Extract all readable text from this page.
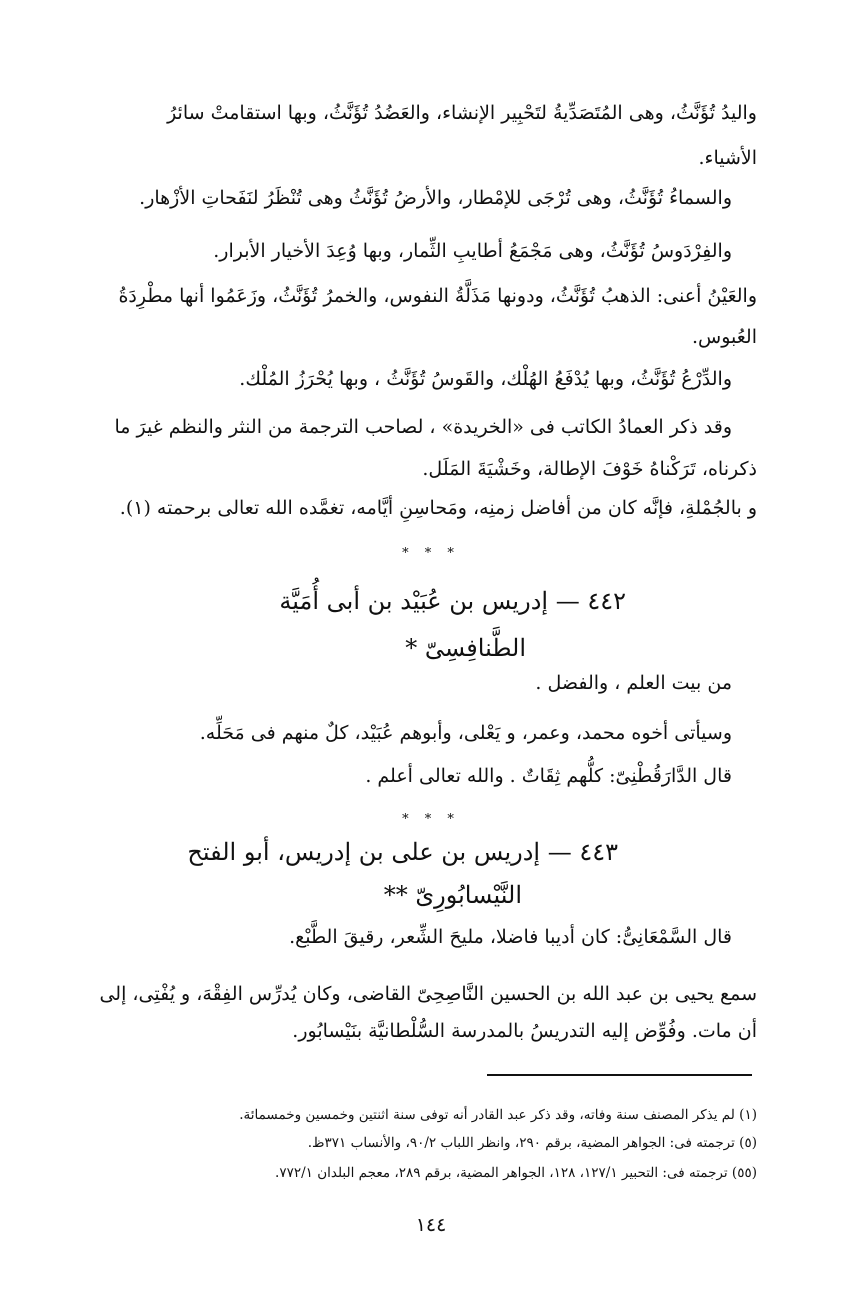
واليدُ تُؤَنَّثُ، وهى المُتَصَدِّيةُ لتَحْبِير الإنشاء، والعَضُدُ تُؤَنَّثُ، وبها استقامتْ سائرُ
الأشياء.
والسماءُ تُؤَنَّثُ، وهى تُرْجَى للإمْطار، والأرضُ تُؤَنَّثُ وهى تُنْظَرُ لنَفَحاتِ الأزْهار.
والفِرْدَوسُ تُؤَنَّثُ، وهى مَجْمَعُ أطايبِ الثِّمار، وبها وُعِدَ الأخيار الأبرار.
والعَيْنُ أعنى: الذهبُ تُؤَنَّثُ، ودونها مَذَلَّةُ النفوس، والخمرُ تُؤَنَّثُ، وزَعَمُوا أنها مطْرِدَةُ
العُبوس.
والدِّرْعُ تُؤَنَّثُ، وبها يُدْفَعُ الهُلْك، والقَوسُ تُؤَنَّثُ ، وبها يُحْرَزُ المُلْك.
وقد ذكر العمادُ الكاتب فى «الخريدة» ، لصاحب الترجمة من النثر والنظم غيرَ ما
ذكرناه، تَرَكْناهُ خَوْفَ الإطالة، وخَشْيَةَ المَلَل.
و بالجُمْلةِ، فإنَّه كان من أفاضل زمنِه، ومَحاسِنِ أيَّامه، تغمَّده الله تعالى برحمته (١).
* * *
٤٤٢ — إدريس بن عُبَيْد بن أبى أُمَيَّة
الطَّنافِسِىّ *
من بيت العلم ، والفضل .
وسيأتى أخوه محمد، وعمر، و يَعْلى، وأبوهم عُبَيْد، كلٌ منهم فى مَحَلِّه.
قال الدَّارَقُطْنِىّ: كلُّهم ثِقَاتٌ . والله تعالى أعلم .
* * *
٤٤٣ — إدريس بن على بن إدريس، أبو الفتح
النَّيْسابُورِىّ **
قال السَّمْعَانِىُّ: كان أديبا فاضلا، مليحَ الشِّعر، رقيقَ الطَّبْع.
سمع يحيى بن عبد الله بن الحسين النَّاصِحِىّ القاضى، وكان يُدرِّس الفِقْهَ، و يُفْتِى، إلى
أن مات. وفُوِّض إليه التدريسُ بالمدرسة السُّلْطانيَّة بنَيْسابُور.
(١) لم يذكر المصنف سنة وفاته، وقد ذكر عبد القادر أنه توفى سنة اثنتين وخمسين وخمسمائة.
(٥) ترجمته فى: الجواهر المضية، برقم ٢٩٠، وانظر اللباب ٩٠/٢، والأنساب ٣٧١ظ.
(٥٥) ترجمته فى: التحبير ١٢٧/١، ١٢٨، الجواهر المضية، برقم ٢٨٩، معجم البلدان ٧٧٢/١.
١٤٤
